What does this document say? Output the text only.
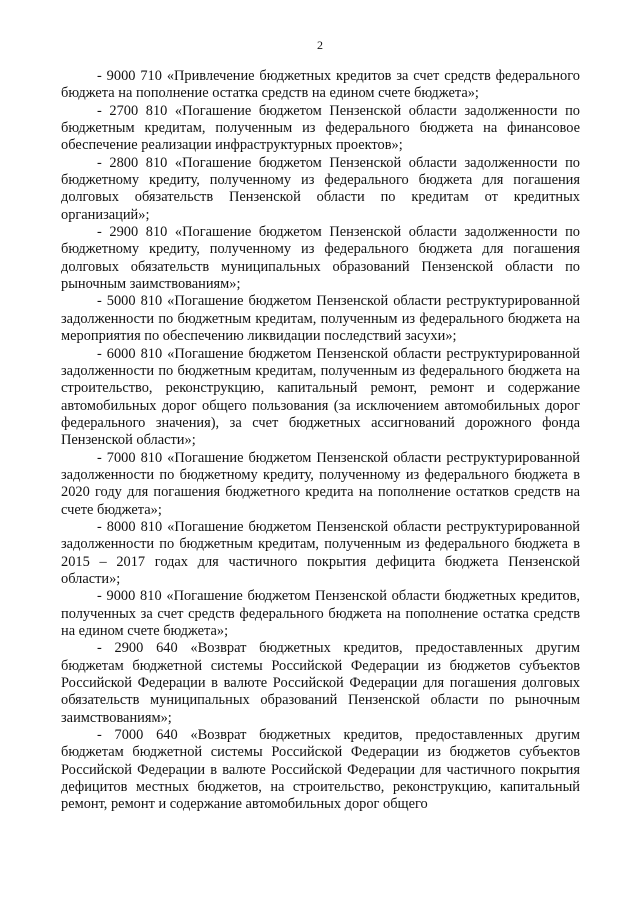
2

- 9000 710 «Привлечение бюджетных кредитов за счет средств федерального бюджета на пополнение остатка средств на едином счете бюджета»;

- 2700 810 «Погашение бюджетом Пензенской области задолженности по бюджетным кредитам, полученным из федерального бюджета на финансовое обеспечение реализации инфраструктурных проектов»;

- 2800 810 «Погашение бюджетом Пензенской области задолженности по бюджетному кредиту, полученному из федерального бюджета для погашения долговых обязательств Пензенской области по кредитам от кредитных организаций»;

- 2900 810 «Погашение бюджетом Пензенской области задолженности по бюджетному кредиту, полученному из федерального бюджета для погашения долговых обязательств муниципальных образований Пензенской области по рыночным заимствованиям»;

- 5000 810 «Погашение бюджетом Пензенской области реструктурированной задолженности по бюджетным кредитам, полученным из федерального бюджета на мероприятия по обеспечению ликвидации последствий засухи»;

- 6000 810 «Погашение бюджетом Пензенской области реструктурированной задолженности по бюджетным кредитам, полученным из федерального бюджета на строительство, реконструкцию, капитальный ремонт, ремонт и содержание автомобильных дорог общего пользования (за исключением автомобильных дорог федерального значения), за счет бюджетных ассигнований дорожного фонда Пензенской области»;

- 7000 810 «Погашение бюджетом Пензенской области реструктурированной задолженности по бюджетному кредиту, полученному из федерального бюджета в 2020 году для погашения бюджетного кредита на пополнение остатков средств на счете бюджета»;

- 8000 810 «Погашение бюджетом Пензенской области реструктурированной задолженности по бюджетным кредитам, полученным из федерального бюджета в 2015 – 2017 годах для частичного покрытия дефицита бюджета Пензенской области»;

- 9000 810 «Погашение бюджетом Пензенской области бюджетных кредитов, полученных за счет средств федерального бюджета на пополнение остатка средств на едином счете бюджета»;

- 2900 640 «Возврат бюджетных кредитов, предоставленных другим бюджетам бюджетной системы Российской Федерации из бюджетов субъектов Российской Федерации в валюте Российской Федерации для погашения долговых обязательств муниципальных образований Пензенской области по рыночным заимствованиям»;

- 7000 640 «Возврат бюджетных кредитов, предоставленных другим бюджетам бюджетной системы Российской Федерации из бюджетов субъектов Российской Федерации в валюте Российской Федерации для частичного покрытия дефицитов местных бюджетов, на строительство, реконструкцию, капитальный ремонт, ремонт и содержание автомобильных дорог общего
